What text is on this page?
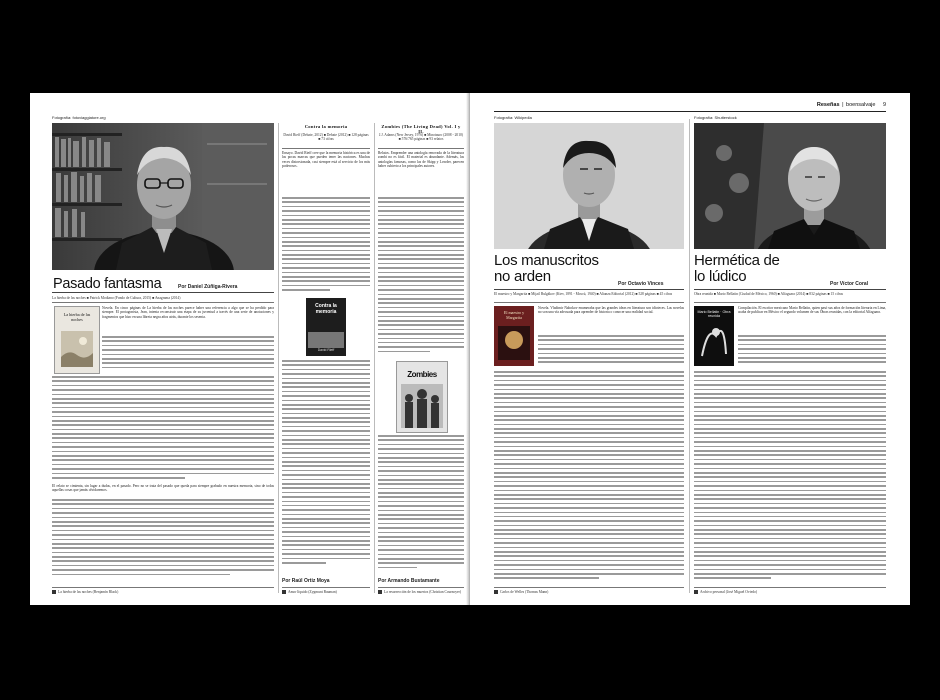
Fotografía: fotoviaggiatore.org
Pasado fantasma	Por Daniel Zúñiga-Rivera
La hierba de las noches ■ Patrick Modiano (Fondo de Cultura, 2015) ■ Anagrama (2014)
La hierba de las noches
Novela. En cinco páginas de La hierba de las noches parece haber una referencia a algo que se ha perdido para siempre. El protagonista, Jean, intenta reconstruir una etapa de su juventud a través de una serie de anotaciones y fragmentos que hizo en una libreta negra años atrás, durante los sesenta.
El relato se cimienta, sin lugar a dudas, en el pasado. Pero no se trata del pasado que queda para siempre grabado en nuestra memoria, sino de todas aquellas cosas que jamás olvidaremos.
La hierba de las noches (Benjamín Black)
Contra la memoria
David Rieff (Debate, 2012) ■ Debate (2012) ■ 128 páginas ■ 73 cifras
Ensayo. David Rieff cree que la memoria histórica es una de las pocas marcas que pueden tener las naciones. Muchas veces distorsionada, casi siempre está al servicio de los más poderosos.
Contra la memoria
David Rieff
Por Raúl Ortiz Moya
Amor líquido (Zygmunt Bauman)
Zombies (The Living Dead) Vol. I y II.
J.J. Adams (New Jersey, 1976) ■ Minotauro (2008 - 2010) ■ 576/765 páginas ■ 93 relatos
Relatos. Emprender una antología renovada de la literatura zombi no es fácil. El material es abundante. Además, las antologías famosas, como las de Skipp y Lowder, parecen haber cubierto a los principales autores.
Zombies
Por Armando Bustamante
La resurrección de los muertos (Christian Cournoyer)
Reseñas | boensalvaje 9
Fotografía: Wikipedia
Los manuscritos
no arden	Por Octavio Vinces
El maestro y Margarita ■ Mijail Bulgákov (Kiev, 1891 - Moscú, 1940) ■ Alianza Editorial (2012) ■ 528 páginas ■ 45 cifras
El maestro y Margarita
Novela. Vladimir Nabokov enumeraba que las grandes ideas en literatura son idioteces. Las novelas no son una vía adecuada para aprender de historia o conocer una realidad social.
Carlos de Welles (Thomas Mann)
Fotografía: Shutterstock
Hermética de
lo lúdico	Por Víctor Coral
Obra reunida ■ Mario Bellatin (Ciudad de México, 1960) ■ Alfaguara (2014) ■ 832 páginas ■ 15 cifras
Mario Bellatin · Obra reunida
Compilación. El escritor mexicano Mario Bellatin, quien pasó sus años de formación literaria en Lima, acaba de publicar en México el segundo volumen de sus Obras reunidas, con la editorial Alfaguara.
Archivo personal (José Miguel Oviedo)
